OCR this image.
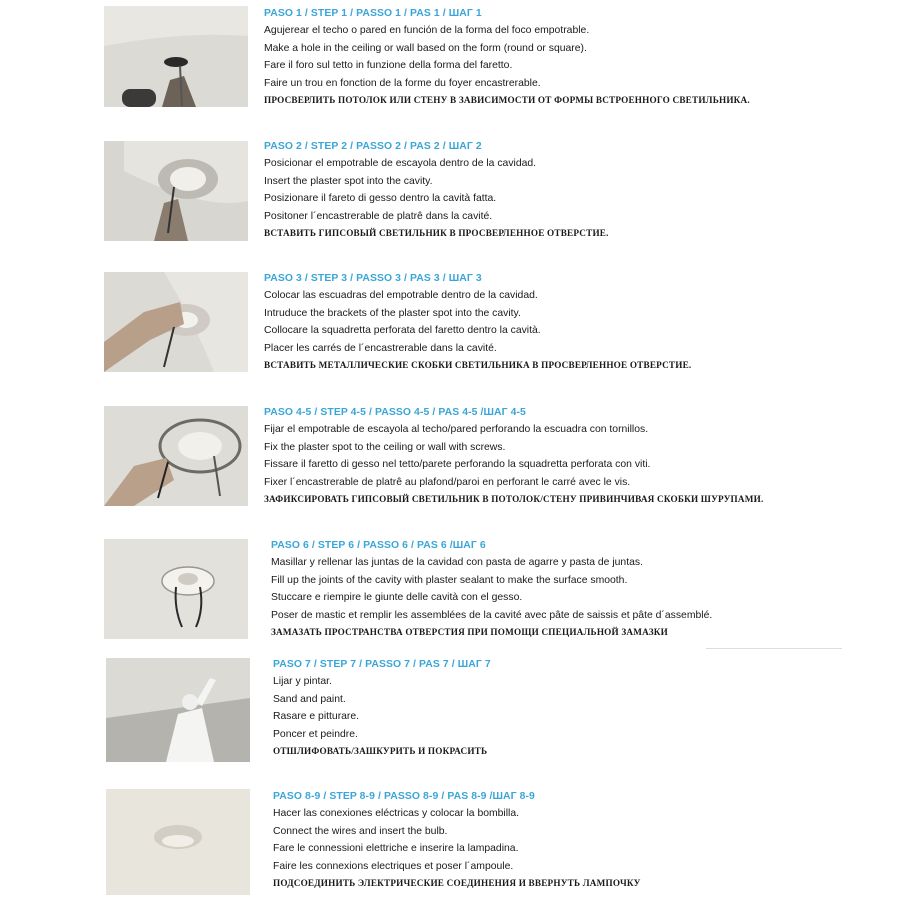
PASO 1 / STEP 1 / PASSO 1 / PAS 1 / ШАГ 1
Agujerear el techo o pared en función de la forma del foco empotrable.
Make a hole in the ceiling or wall based on the form (round or square).
Fare il foro sul tetto in funzione della forma del faretto.
Faire un trou en fonction de la forme du foyer encastrerable.
ПРОСВЕРЛИТЬ ПОТОЛОК ИЛИ СТЕНУ В ЗАВИСИМОСТИ ОТ ФОРМЫ ВСТРОЕННОГО СВЕТИЛЬНИКА.
PASO 2 / STEP 2 / PASSO 2 / PAS 2 / ШАГ 2
Posicionar el empotrable de escayola dentro de la cavidad.
Insert the plaster spot into the cavity.
Posizionare il fareto di gesso dentro la cavità fatta.
Positoner l´encastrerable de platrê dans la cavité.
ВСТАВИТЬ ГИПСОВЫЙ СВЕТИЛЬНИК В ПРОСВЕРЛЕННОЕ ОТВЕРСТИЕ.
PASO 3 / STEP 3 / PASSO 3 / PAS 3 / ШАГ 3
Colocar las escuadras del empotrable dentro de la cavidad.
Intruduce the brackets of the plaster spot into the cavity.
Collocare la squadretta perforata del faretto dentro la cavità.
Placer les carrés de l´encastrerable dans la cavité.
ВСТАВИТЬ МЕТАЛЛИЧЕСКИЕ СКОБКИ СВЕТИЛЬНИКА В ПРОСВЕРЛЕННОЕ ОТВЕРСТИЕ.
PASO 4-5 / STEP 4-5 / PASSO 4-5 / PAS 4-5 /ШАГ 4-5
Fijar el empotrable de escayola al techo/pared perforando la escuadra con tornillos.
Fix the plaster spot to the ceiling or wall with screws.
Fissare il faretto di gesso nel tetto/parete perforando la squadretta perforata con viti.
Fixer l´encastrerable de platrê au plafond/paroi en perforant le carré avec le vis.
ЗАФИКСИРОВАТЬ ГИПСОВЫЙ СВЕТИЛЬНИК В ПОТОЛОК/СТЕНУ ПРИВИНЧИВАЯ СКОБКИ ШУРУПАМИ.
PASO 6 / STEP 6 / PASSO 6 / PAS 6 /ШАГ 6
Masillar y rellenar las juntas de la cavidad con pasta de agarre y pasta de juntas.
Fill up the joints of the cavity with plaster sealant to make the surface smooth.
Stuccare e riempire le giunte delle cavità con el gesso.
Poser de mastic et remplir les assemblées de la cavité avec pâte de saissis et pâte d´assemblé.
ЗАМАЗАТЬ ПРОСТРАНСТВА ОТВЕРСТИЯ ПРИ ПОМОЩИ СПЕЦИАЛЬНОЙ ЗАМАЗКИ
PASO 7 / STEP 7 / PASSO 7 / PAS 7 / ШАГ 7
Lijar y pintar.
Sand and paint.
Rasare e pitturare.
Poncer et peindre.
ОТШЛИФОВАТЬ/ЗАШКУРИТЬ И ПОКРАСИТЬ
PASO 8-9 / STEP 8-9 / PASSO 8-9 / PAS 8-9 /ШАГ 8-9
Hacer las conexiones eléctricas y colocar la bombilla.
Connect the wires and insert the bulb.
Fare le connessioni elettriche e inserire la lampadina.
Faire les connexions electriques et poser l´ampoule.
ПОДСОЕДИНИТЬ ЭЛЕКТРИЧЕСКИЕ СОЕДИНЕНИЯ И ВВЕРНУТЬ ЛАМПОЧКУ
